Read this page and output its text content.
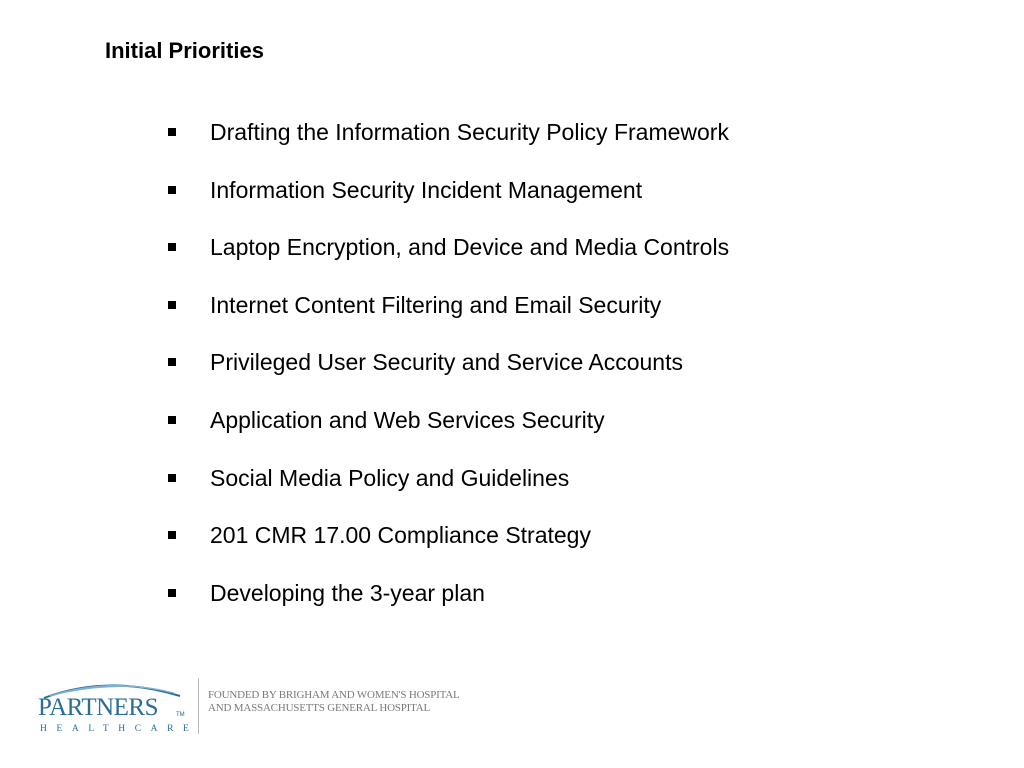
Initial Priorities
Drafting the Information Security Policy Framework
Information Security Incident Management
Laptop Encryption, and Device and Media Controls
Internet Content Filtering and Email Security
Privileged User Security and Service Accounts
Application and Web Services Security
Social Media Policy and Guidelines
201 CMR 17.00 Compliance Strategy
Developing the 3-year plan
PARTNERS	TM
HEALTHCARE
FOUNDED BY BRIGHAM AND WOMEN'S HOSPITAL
AND MASSACHUSETTS GENERAL HOSPITAL
